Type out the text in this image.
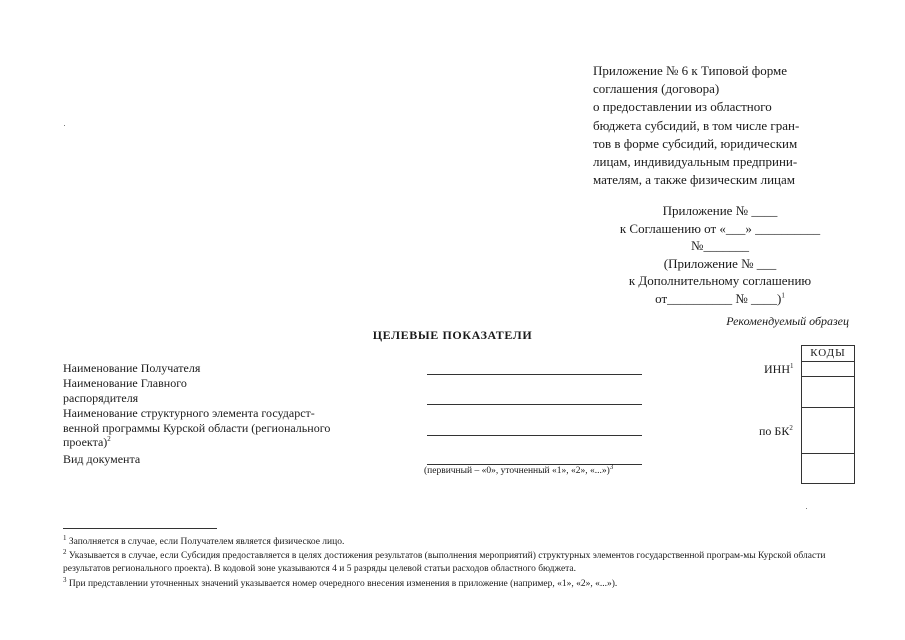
Приложение № 6 к Типовой форме
соглашения (договора)
о предоставлении из областного
бюджета субсидий, в том числе гран-
тов в форме субсидий, юридическим
лицам, индивидуальным предприни-
мателям, а также физическим лицам
Приложение № ____
к Соглашению от «___» __________
№_______
(Приложение № ___
к Дополнительному соглашению
от__________ № ____)$^1$
Рекомендуемый образец
ЦЕЛЕВЫЕ ПОКАЗАТЕЛИ
Наименование Получателя
Наименование Главного
распорядителя
Наименование структурного элемента государст-
венной программы Курской области (регионального
проекта)$^2$
Вид документа
(первичный – «0», уточненный «1», «2», «...»)$^3$
ИНН$^1$
по $БК^2$
КОДЫ
$^1$ Заполняется в случае, если Получателем является физическое лицо.
$^2$ Указывается в случае, если Субсидия предоставляется в целях достижения результатов (выполнения мероприятий) структурных элементов государственной програм-мы Курской области результатов регионального проекта). В кодовой зоне указываются 4 и 5 разряды целевой статьи расходов областного бюджета.
$^3$ При представлении уточненных значений указывается номер очередного внесения изменения в приложение (например, «1», «2», «...»).
